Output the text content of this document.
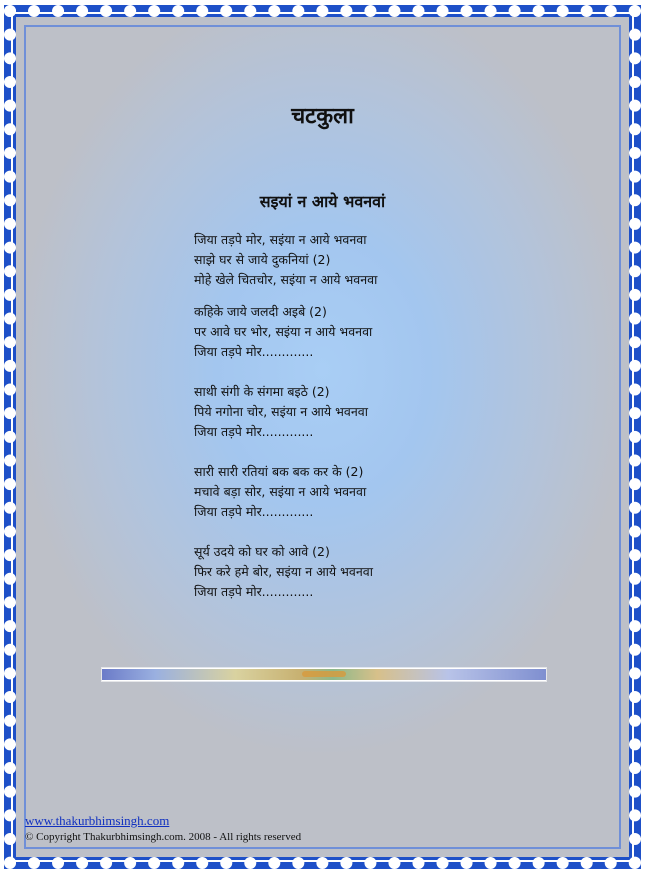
चटकुला
सइयां न आये भवनवां
जिया तड़पे मोर, सइंया न आये भवनवा
साझे घर से जाये दुकनियां (2)
मोहे खेले चितचोर, सइंया न आये भवनवा
कहिके जाये जलदी अइबे (2)
पर आवे घर भोर, सइंया न आये भवनवा
जिया तड़पे मोर.............
साथी संगी के संगमा बइठे (2)
पिये नगोना चोर, सइंया न आये भवनवा
जिया तड़पे मोर.............
सारी सारी रतियां बक बक कर के (2)
मचावे बड़ा सोर, सइंया न आये भवनवा
जिया तड़पे मोर.............
सूर्य उदये को घर को आवे (2)
फिर करे हमे बोर, सइंया न आये भवनवा
जिया तड़पे मोर.............
www.thakurbhimsingh.com
© Copyright Thakurbhimsingh.com. 2008 - All rights reserved
